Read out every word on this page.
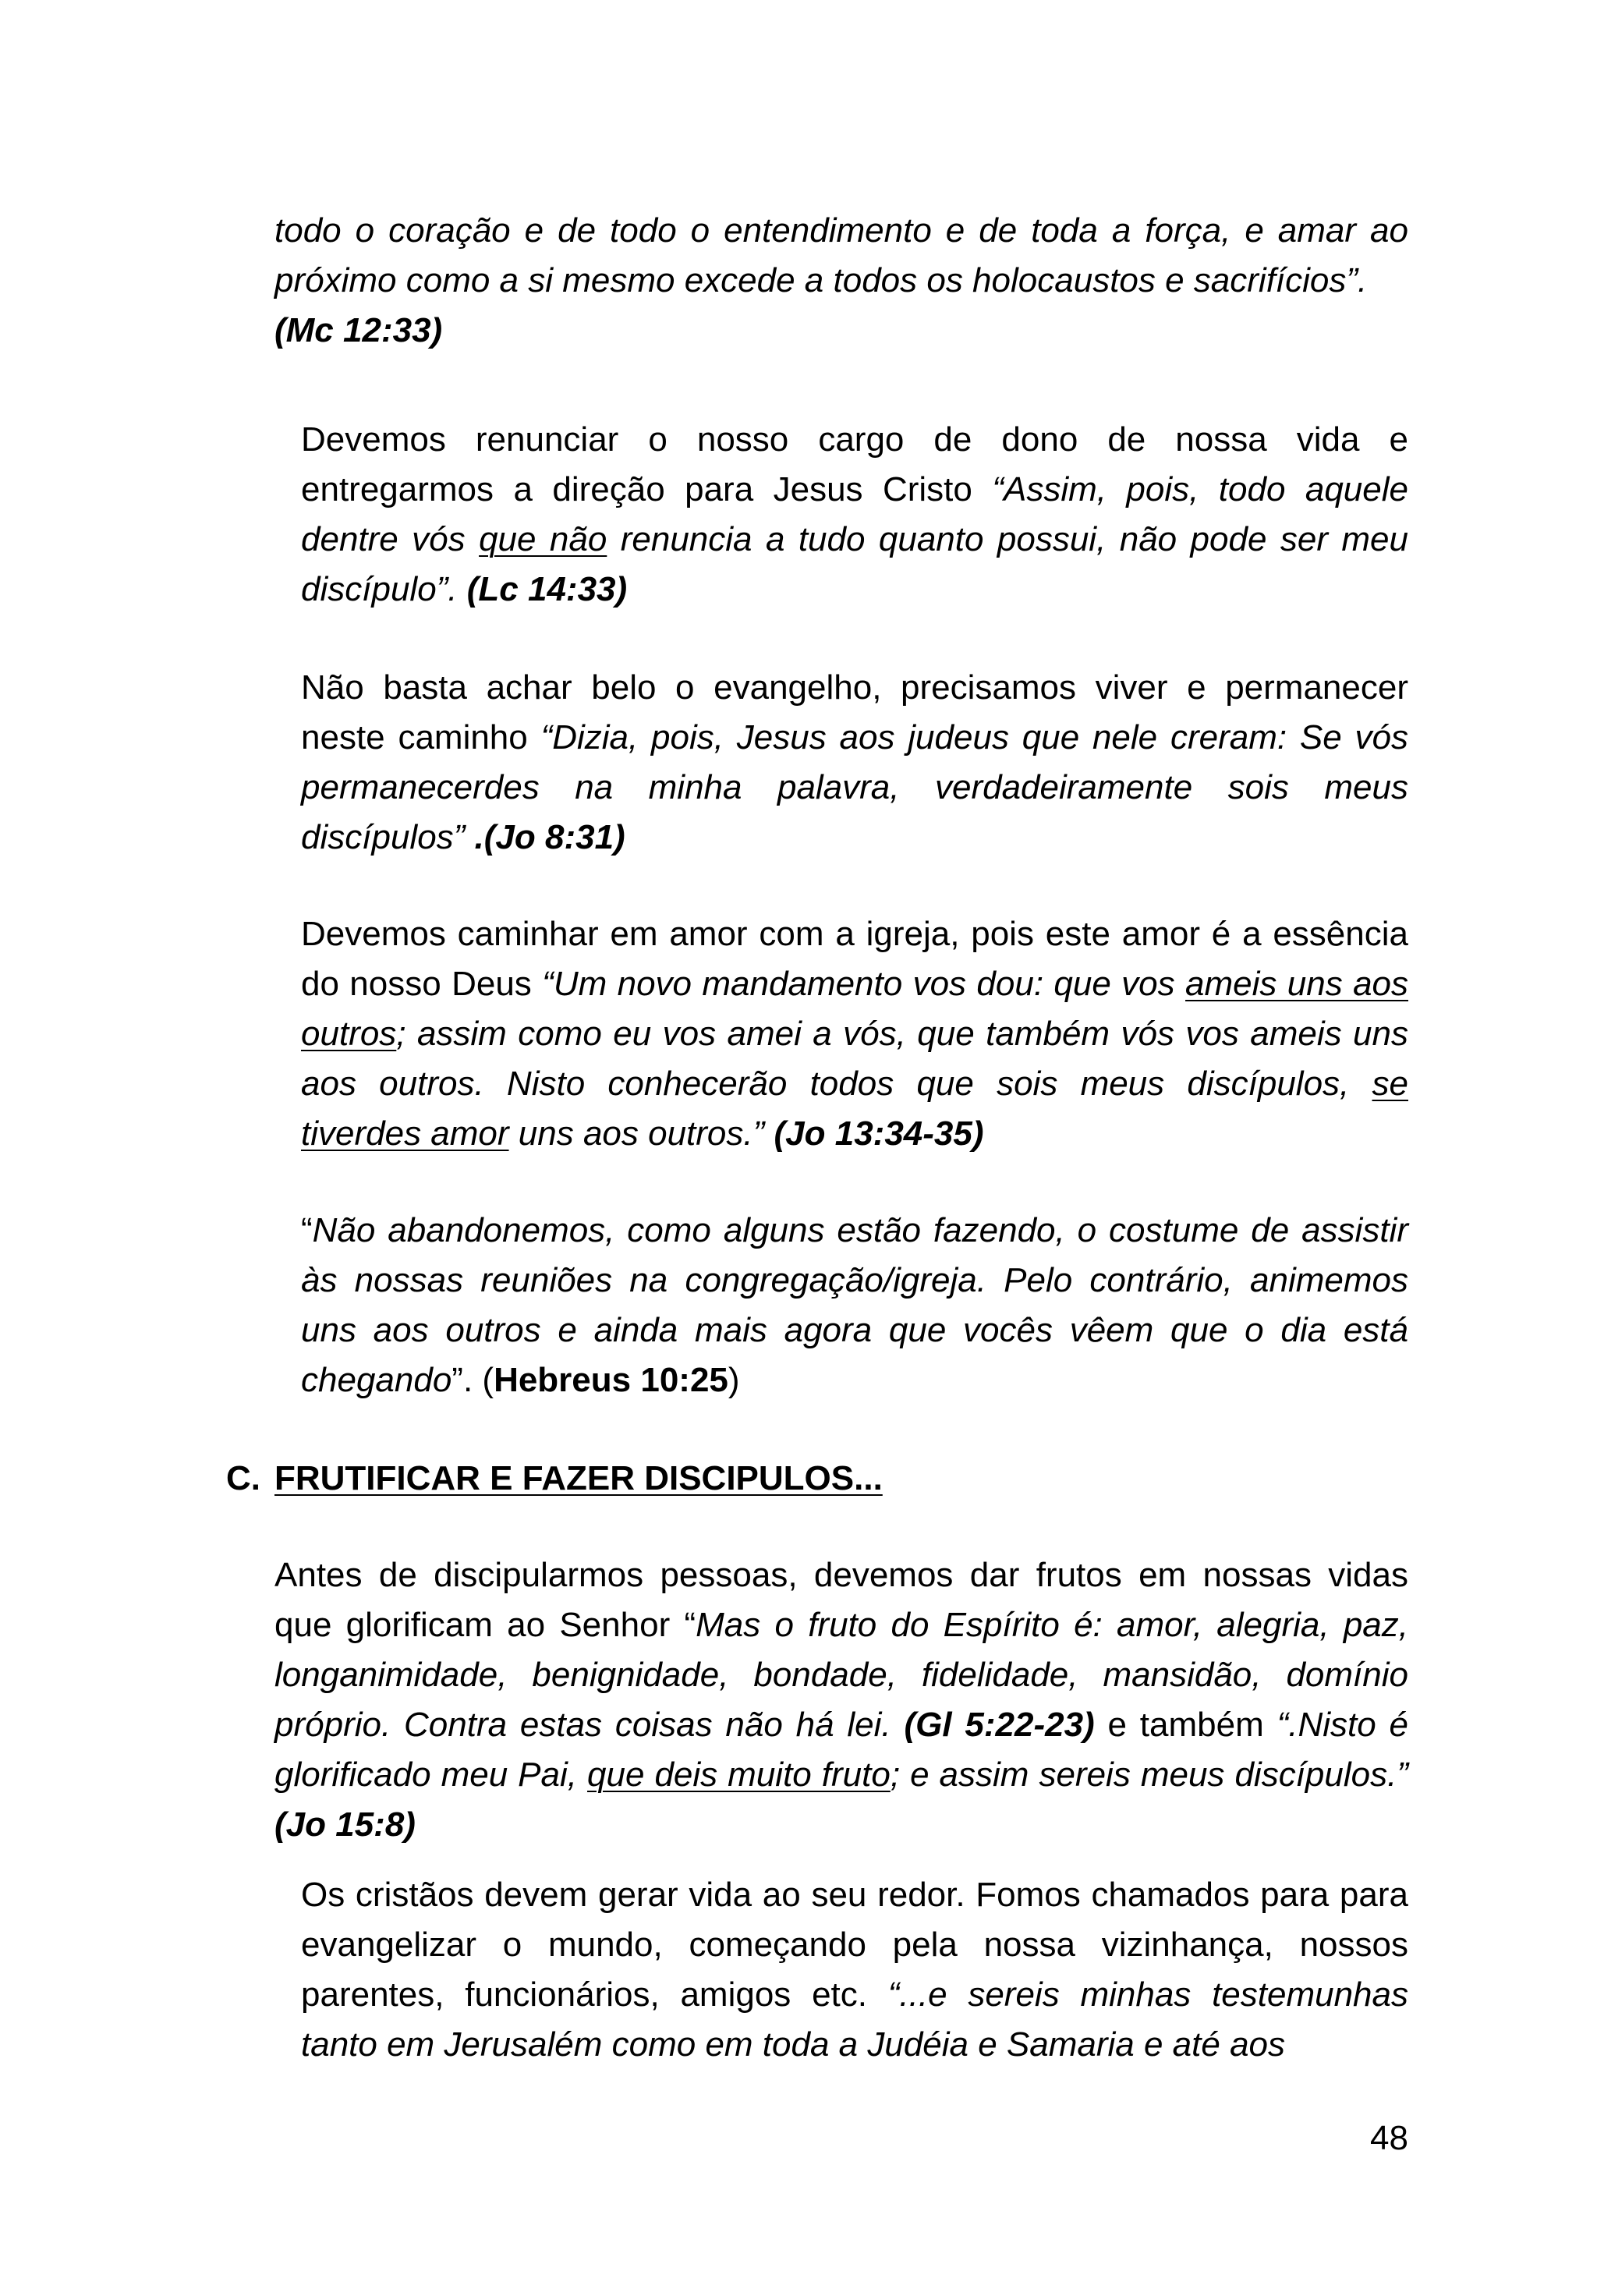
todo o coração e de todo o entendimento e de toda a força, e amar ao próximo como a si mesmo excede a todos os holocaustos e sacrifícios”.
(Mc 12:33)
Devemos renunciar o nosso cargo de dono de nossa vida e entregarmos a direção para Jesus Cristo “Assim, pois, todo aquele dentre vós que não renuncia a tudo quanto possui, não pode ser meu discípulo”. (Lc 14:33)
Não basta achar belo o evangelho, precisamos viver e permanecer neste caminho “Dizia, pois, Jesus aos judeus que nele creram: Se vós permanecerdes na minha palavra, verdadeiramente sois meus discípulos” .(Jo 8:31)
Devemos caminhar em amor com a igreja, pois este amor é a essência do nosso Deus “Um novo mandamento vos dou: que vos ameis uns aos outros; assim como eu vos amei a vós, que também vós vos ameis uns aos outros. Nisto conhecerão todos que sois meus discípulos, se tiverdes amor uns aos outros.” (Jo 13:34-35)
“Não abandonemos, como alguns estão fazendo, o costume de assistir às nossas reuniões na congregação/igreja. Pelo contrário, animemos uns aos outros e ainda mais agora que vocês vêem que o dia está chegando”. (Hebreus 10:25)
C. FRUTIFICAR E FAZER DISCIPULOS...
Antes de discipularmos pessoas, devemos dar frutos em nossas vidas que glorificam ao Senhor “Mas o fruto do Espírito é: amor, alegria, paz, longanimidade, benignidade, bondade, fidelidade, mansidão, domínio próprio. Contra estas coisas não há lei. (Gl 5:22-23) e também “.Nisto é glorificado meu Pai, que deis muito fruto; e assim sereis meus discípulos.” (Jo 15:8)
Os cristãos devem gerar vida ao seu redor. Fomos chamados para para evangelizar o mundo, começando pela nossa vizinhança, nossos parentes, funcionários, amigos etc. “...e sereis minhas testemunhas tanto em Jerusalém como em toda a Judéia e Samaria e até aos
48
